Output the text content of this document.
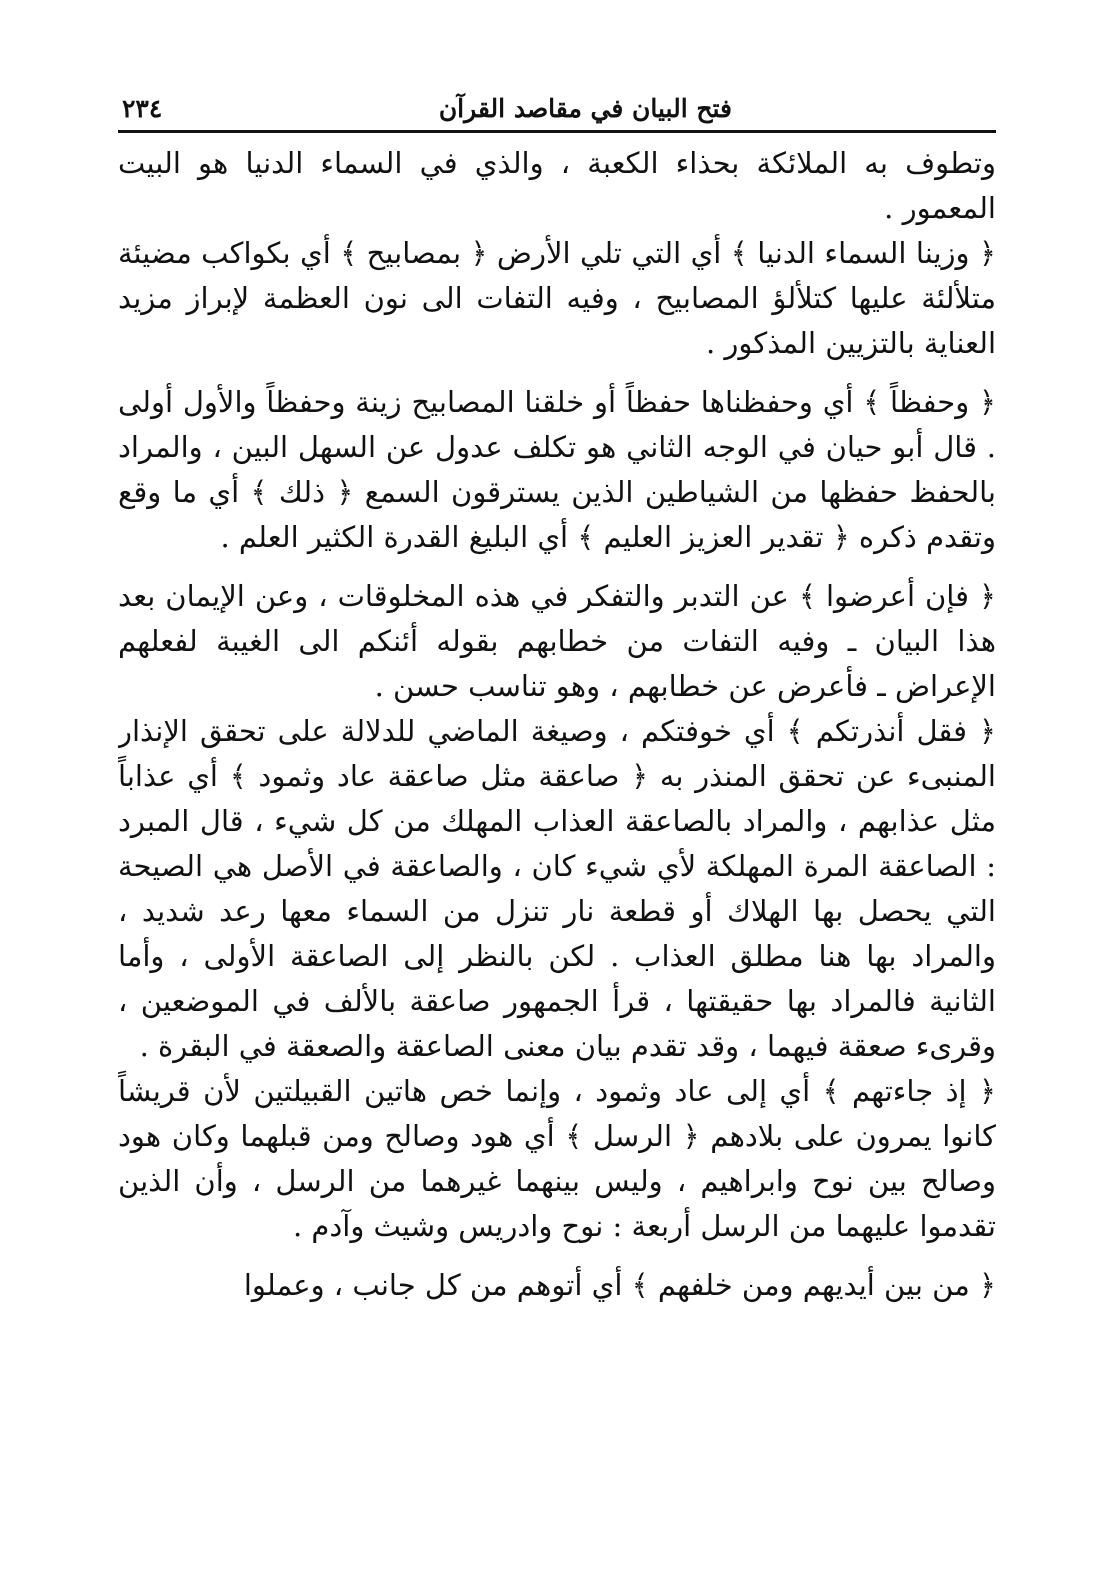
فتح البيان في مقاصد القرآن
٢٣٤

وتطوف به الملائكة بحذاء الكعبة ، والذي في السماء الدنيا هو البيت المعمور .

﴿ وزينا السماء الدنيا ﴾ أي التي تلي الأرض ﴿ بمصابيح ﴾ أي بكواكب مضيئة متلألئة عليها كتلألؤ المصابيح ، وفيه التفات الى نون العظمة لإبراز مزيد العناية بالتزيين المذكور .

﴿ وحفظاً ﴾ أي وحفظناها حفظاً أو خلقنا المصابيح زينة وحفظاً والأول أولى . قال أبو حيان في الوجه الثاني هو تكلف عدول عن السهل البين ، والمراد بالحفظ حفظها من الشياطين الذين يسترقون السمع ﴿ ذلك ﴾ أي ما وقع وتقدم ذكره ﴿ تقدير العزيز العليم ﴾ أي البليغ القدرة الكثير العلم .

﴿ فإن أعرضوا ﴾ عن التدبر والتفكر في هذه المخلوقات ، وعن الإيمان بعد هذا البيان ـ وفيه التفات من خطابهم بقوله أئنكم الى الغيبة لفعلهم الإعراض ـ فأعرض عن خطابهم ، وهو تناسب حسن .

﴿ فقل أنذرتكم ﴾ أي خوفتكم ، وصيغة الماضي للدلالة على تحقق الإنذار المنبىء عن تحقق المنذر به ﴿ صاعقة مثل صاعقة عاد وثمود ﴾ أي عذاباً مثل عذابهم ، والمراد بالصاعقة العذاب المهلك من كل شيء ، قال المبرد : الصاعقة المرة المهلكة لأي شيء كان ، والصاعقة في الأصل هي الصيحة التي يحصل بها الهلاك أو قطعة نار تنزل من السماء معها رعد شديد ، والمراد بها هنا مطلق العذاب . لكن بالنظر إلى الصاعقة الأولى ، وأما الثانية فالمراد بها حقيقتها ، قرأ الجمهور صاعقة بالألف في الموضعين ، وقرىء صعقة فيهما ، وقد تقدم بيان معنى الصاعقة والصعقة في البقرة .

﴿ إذ جاءتهم ﴾ أي إلى عاد وثمود ، وإنما خص هاتين القبيلتين لأن قريشاً كانوا يمرون على بلادهم ﴿ الرسل ﴾ أي هود وصالح ومن قبلهما وكان هود وصالح بين نوح وابراهيم ، وليس بينهما غيرهما من الرسل ، وأن الذين تقدموا عليهما من الرسل أربعة : نوح وادريس وشيث وآدم .

﴿ من بين أيديهم ومن خلفهم ﴾ أي أتوهم من كل جانب ، وعملوا
